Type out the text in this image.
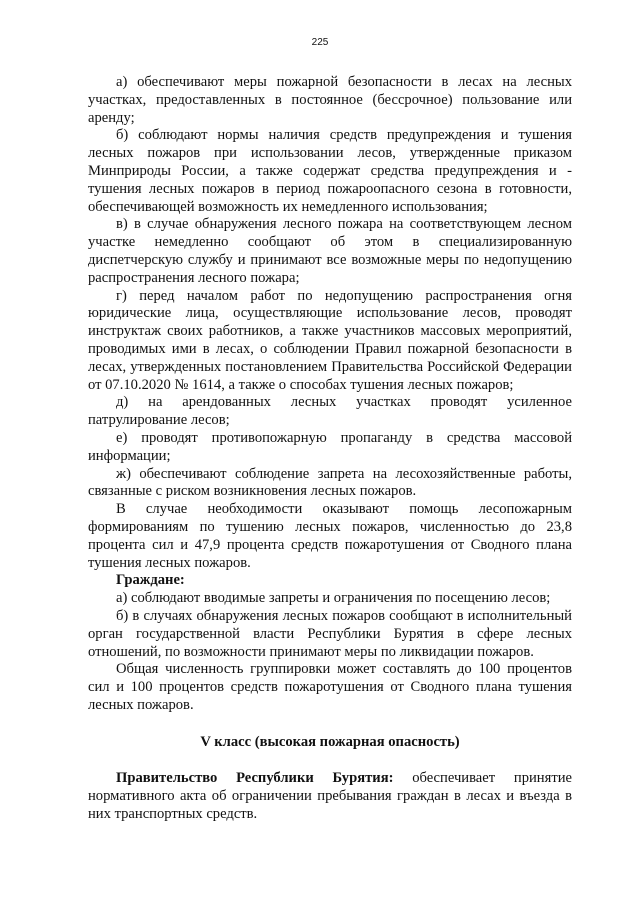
225

а) обеспечивают меры пожарной безопасности в лесах на лесных участках, предоставленных в постоянное (бессрочное) пользование или аренду;

б) соблюдают нормы наличия средств предупреждения и тушения лесных пожаров при использовании лесов, утвержденные приказом Минприроды России, а также содержат средства предупреждения и - тушения лесных пожаров в период пожароопасного сезона в готовности, обеспечивающей возможность их немедленного использования;

в) в случае обнаружения лесного пожара на соответствующем лесном участке немедленно сообщают об этом в специализированную диспетчерскую службу и принимают все возможные меры по недопущению распространения лесного пожара;

г) перед началом работ по недопущению распространения огня юридические лица, осуществляющие использование лесов, проводят инструктаж своих работников, а также участников массовых мероприятий, проводимых ими в лесах, о соблюдении Правил пожарной безопасности в лесах, утвержденных постановлением Правительства Российской Федерации от 07.10.2020 № 1614, а также о способах тушения лесных пожаров;

д) на арендованных лесных участках проводят усиленное патрулирование лесов;

е) проводят противопожарную пропаганду в средства массовой информации;

ж) обеспечивают соблюдение запрета на лесохозяйственные работы, связанные с риском возникновения лесных пожаров.

В случае необходимости оказывают помощь лесопожарным формированиям по тушению лесных пожаров, численностью до 23,8 процента сил и 47,9 процента средств пожаротушения от Сводного плана тушения лесных пожаров.

Граждане:

а) соблюдают вводимые запреты и ограничения по посещению лесов;

б) в случаях обнаружения лесных пожаров сообщают в исполнительный орган государственной власти Республики Бурятия в сфере лесных отношений, по возможности принимают меры по ликвидации пожаров.

Общая численность группировки может составлять до 100 процентов сил и 100 процентов средств пожаротушения от Сводного плана тушения лесных пожаров.

V класс (высокая пожарная опасность)

Правительство Республики Бурятия: обеспечивает принятие нормативного акта об ограничении пребывания граждан в лесах и въезда в них транспортных средств.
